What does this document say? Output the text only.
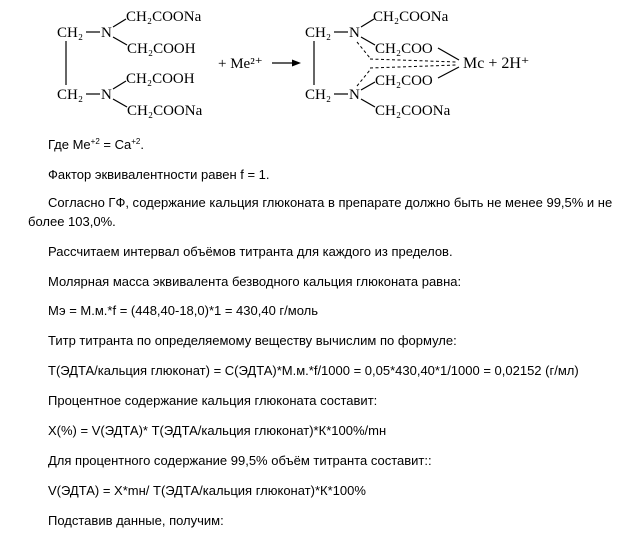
CH₂ N
CH₂COONa
CH₂COOH
CH₂ N
CH₂COOH
CH₂COONa
+ Me²⁺
CH₂ N
CH₂COONa
CH₂COO
CH₂ N
CH₂COO
CH₂COONa
Mc + 2H⁺
Где $Me^{+2} = Ca^{+2}$.
Фактор эквивалентности равен f = 1.
Согласно ГФ, содержание кальция глюконата в препарате должно быть не менее 99,5% и не
более 103,0%.
Рассчитаем интервал объёмов титранта для каждого из пределов.
Молярная масса эквивалента безводного кальция глюконата равна:
Мэ = М.м.*f = (448,40-18,0)*1 = 430,40 г/моль
Титр титранта по определяемому веществу вычислим по формуле:
Т(ЭДТА/кальция глюконат) = С(ЭДТА)*М.м.*f/1000 = 0,05*430,40*1/1000 = 0,02152 (г/мл)
Процентное содержание кальция глюконата составит:
Х(%) = V(ЭДТА)* Т(ЭДТА/кальция глюконат)*К*100%/mн
Для процентного содержание 99,5% объём титранта составит::
V(ЭДТА) = Х*mн/ Т(ЭДТА/кальция глюконат)*К*100%
Подставив данные, получим:
